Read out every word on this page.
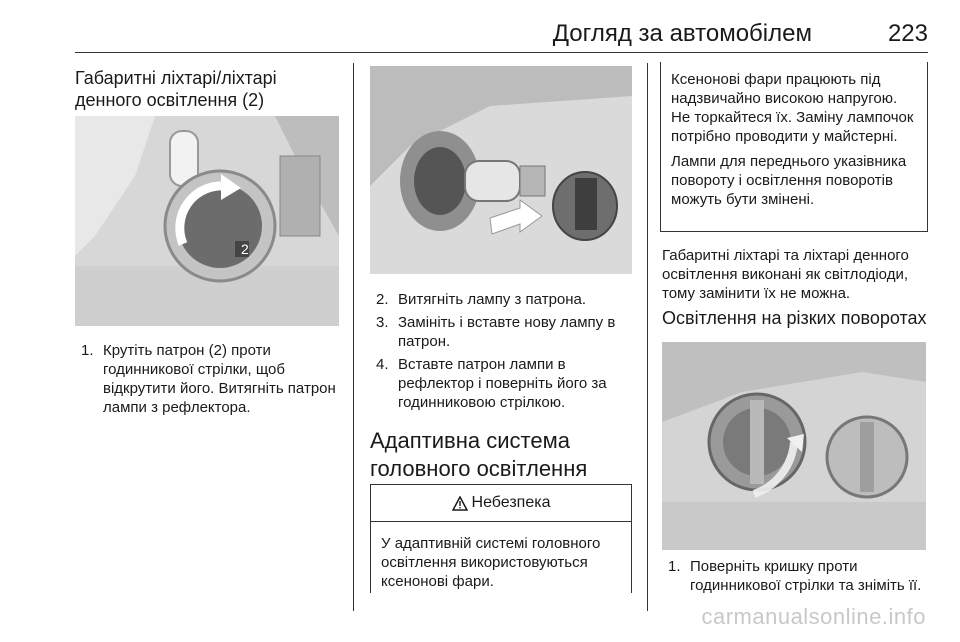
Догляд за автомобілем	223
Габаритні ліхтарі/ліхтарі денного освітлення (2)
2
1. Крутіть патрон (2) проти годинникової стрілки, щоб відкрутити його. Витягніть патрон лампи з рефлектора.
2. Витягніть лампу з патрона.
3. Замініть і вставте нову лампу в патрон.
4. Вставте патрон лампи в рефлектор і поверніть його за годинниковою стрілкою.
Адаптивна система головного освітлення
Небезпека
У адаптивній системі головного освітлення використовуються ксенонові фари.

Ксенонові фари працюють під надзвичайно високою напругою. Не торкайтеся їх. Заміну лампочок потрібно проводити у майстерні.

Лампи для переднього указівника повороту і освітлення поворотів можуть бути змінені.

Габаритні ліхтарі та ліхтарі денного освітлення виконані як світлодіоди, тому замінити їх не можна.
Освітлення на різких поворотах
1. Поверніть кришку проти годинникової стрілки та зніміть її.
carmanualsonline.info
